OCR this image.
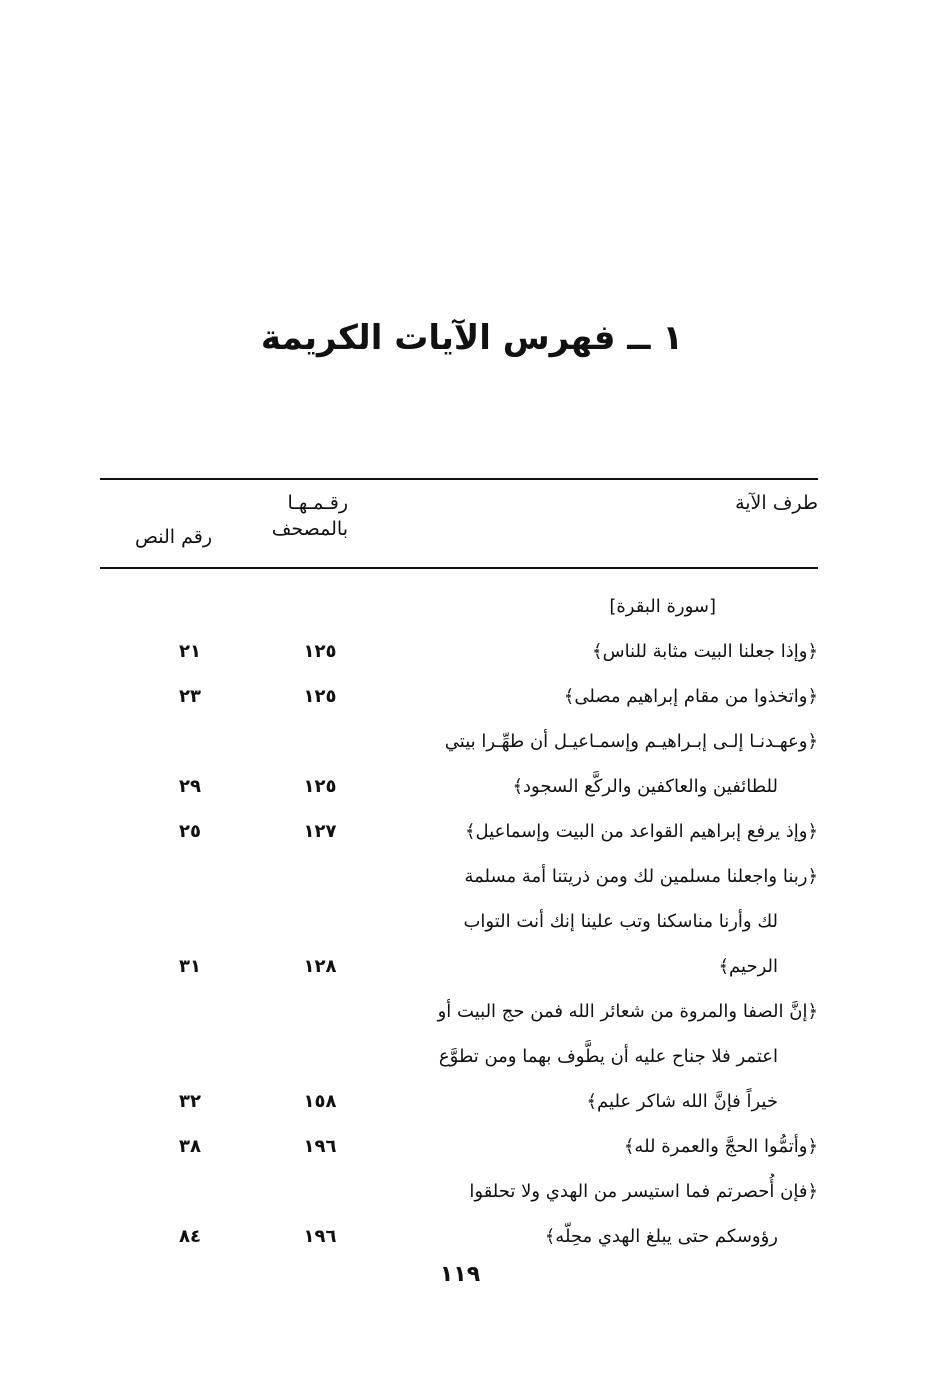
١ ــ فهرس الآيات الكريمة
طرف الآية
رقـمـهـا
بالمصحف
رقم النص
[سورة البقرة]
﴿وإذا جعلنا البيت مثابة للناس﴾
١٢٥
٢١
﴿واتخذوا من مقام إبراهيم مصلى﴾
١٢٥
٢٣
﴿وعهـدنـا إلـى إبـراهيـم وإسمـاعيـل أن طهِّـرا بيتي
للطائفين والعاكفين والركَّع السجود﴾
١٢٥
٢٩
﴿وإذ يرفع إبراهيم القواعد من البيت وإسماعيل﴾
١٢٧
٢٥
﴿ربنا واجعلنا مسلمين لك ومن ذريتنا أمة مسلمة
لك وأرنا مناسكنا وتب علينا إنك أنت التواب
الرحيم﴾
١٢٨
٣١
﴿إنَّ الصفا والمروة من شعائر الله فمن حج البيت أو
اعتمر فلا جناح عليه أن يطَّوف بهما ومن تطوَّع
خيراً فإنَّ الله شاكر عليم﴾
١٥٨
٣٢
﴿وأتمُّوا الحجَّ والعمرة لله﴾
١٩٦
٣٨
﴿فإن أُحصرتم فما استيسر من الهدي ولا تحلقوا
رؤوسكم حتى يبلغ الهدي محِلّه﴾
١٩٦
٨٤
١١٩
